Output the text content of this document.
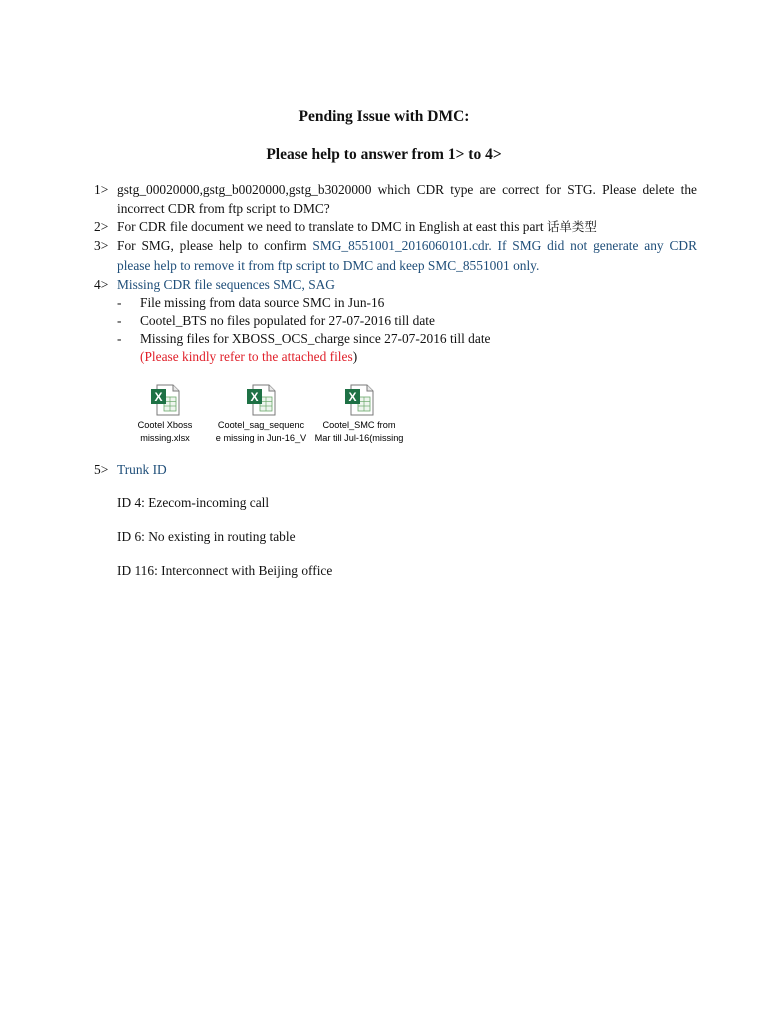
Pending Issue with DMC:
Please help to answer from 1> to 4>
1> gstg_00020000,gstg_b0020000,gstg_b3020000 which CDR type are correct for STG. Please delete the incorrect CDR from ftp script to DMC?
2> For CDR file document we need to translate to DMC in English at east this part 话单类型
3> For SMG, please help to confirm SMG_8551001_2016060101.cdr. If SMG did not generate any CDR please help to remove it from ftp script to DMC and keep SMC_8551001 only.
4> Missing CDR file sequences SMC, SAG
- File missing from data source SMC in Jun-16
- Cootel_BTS no files populated for 27-07-2016 till date
- Missing files for XBOSS_OCS_charge since 27-07-2016 till date
(Please kindly refer to the attached files)
X
Cootel Xboss
missing.xlsx
X
Cootel_sag_sequenc
e missing in Jun-16_V
X
Cootel_SMC from
Mar till Jul-16(missing
5> Trunk ID
ID 4: Ezecom-incoming call
ID 6: No existing in routing table
ID 116: Interconnect with Beijing office
